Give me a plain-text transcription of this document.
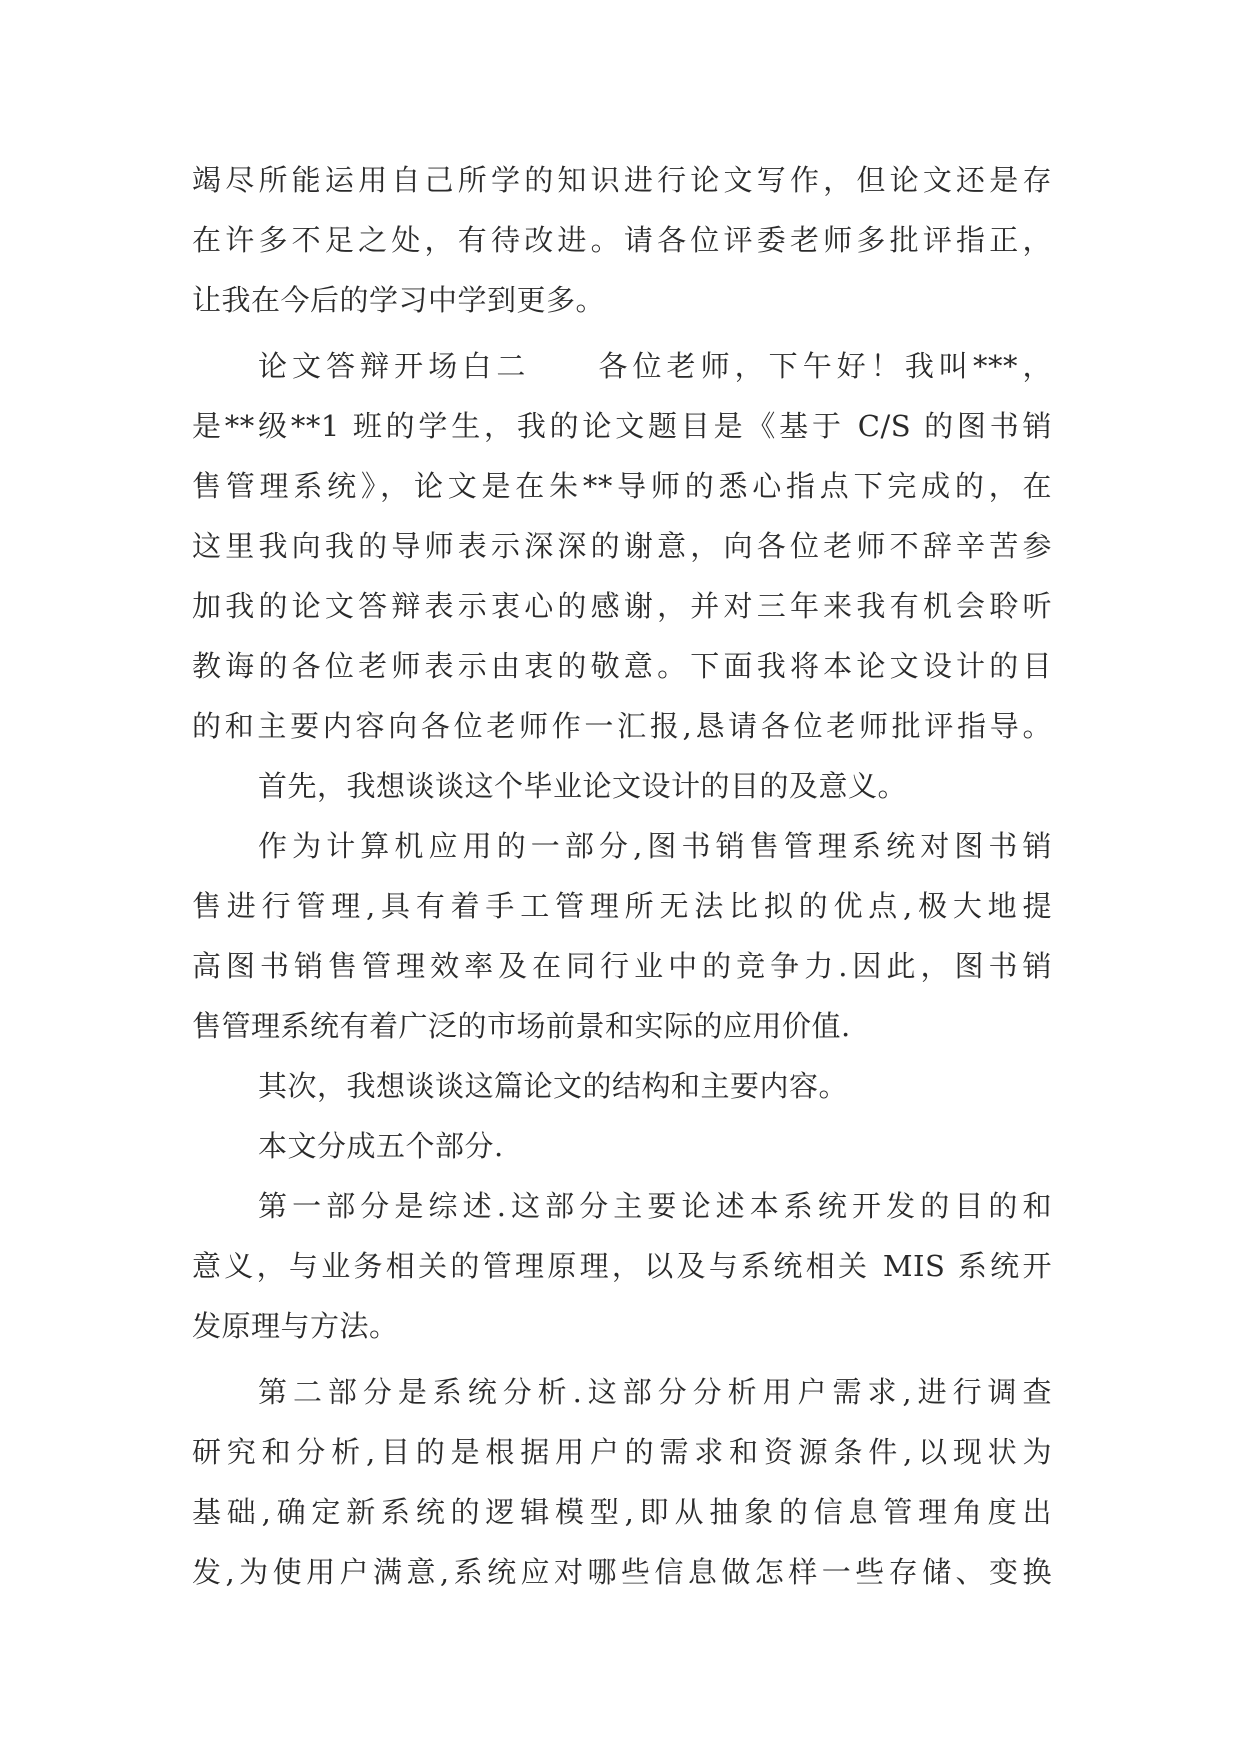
竭尽所能运用自己所学的知识进行论文写作，但论文还是存
在许多不足之处，有待改进。请各位评委老师多批评指正，
让我在今后的学习中学到更多。
论文答辩开场白二　　各位老师，下午好！我叫***，
是**级**1 班的学生，我的论文题目是《基于 C/S 的图书销
售管理系统》，论文是在朱**导师的悉心指点下完成的，在
这里我向我的导师表示深深的谢意，向各位老师不辞辛苦参
加我的论文答辩表示衷心的感谢，并对三年来我有机会聆听
教诲的各位老师表示由衷的敬意。下面我将本论文设计的目
的和主要内容向各位老师作一汇报,恳请各位老师批评指导。
首先，我想谈谈这个毕业论文设计的目的及意义。
作为计算机应用的一部分,图书销售管理系统对图书销
售进行管理,具有着手工管理所无法比拟的优点,极大地提
高图书销售管理效率及在同行业中的竞争力.因此，图书销
售管理系统有着广泛的市场前景和实际的应用价值.
其次，我想谈谈这篇论文的结构和主要内容。
本文分成五个部分.
第一部分是综述.这部分主要论述本系统开发的目的和
意义，与业务相关的管理原理，以及与系统相关 MIS 系统开
发原理与方法。
第二部分是系统分析.这部分分析用户需求,进行调查
研究和分析,目的是根据用户的需求和资源条件,以现状为
基础,确定新系统的逻辑模型,即从抽象的信息管理角度出
发,为使用户满意,系统应对哪些信息做怎样一些存储、变换
